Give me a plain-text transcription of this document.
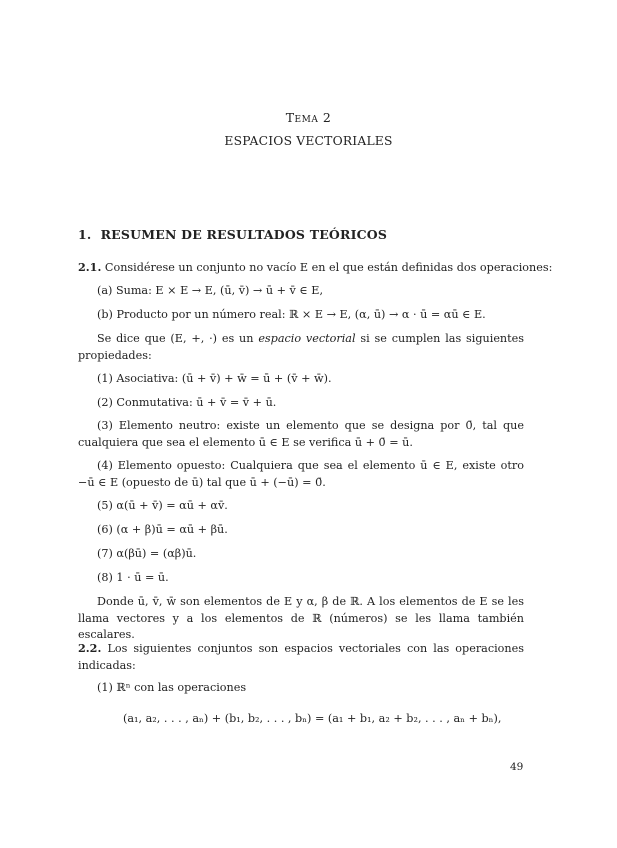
Tema 2
ESPACIOS VECTORIALES
1. RESUMEN DE RESULTADOS TEÓRICOS
2.1. Considérese un conjunto no vacío E en el que están definidas dos operaciones:
(a) Suma: E × E → E, (ū, v̄) → ū + v̄ ∈ E,
(b) Producto por un número real: ℝ × E → E, (α, ū) → α · ū = αū ∈ E.
Se dice que (E, +, ·) es un espacio vectorial si se cumplen las siguientes propiedades:
(1) Asociativa: (ū + v̄) + w̄ = ū + (v̄ + w̄).
(2) Conmutativa: ū + v̄ = v̄ + ū.
(3) Elemento neutro: existe un elemento que se designa por 0̄, tal que cualquiera que sea el elemento ū ∈ E se verifica ū + 0̄ = ū.
(4) Elemento opuesto: Cualquiera que sea el elemento ū ∈ E, existe otro −ū ∈ E (opuesto de ū) tal que ū + (−ū) = 0̄.
(5) α(ū + v̄) = αū + αv̄.
(6) (α + β)ū = αū + βū.
(7) α(βū) = (αβ)ū.
(8) 1 · ū = ū.
Donde ū, v̄, w̄ son elementos de E y α, β de ℝ. A los elementos de E se les llama vectores y a los elementos de ℝ (números) se les llama también escalares.
2.2. Los siguientes conjuntos son espacios vectoriales con las operaciones indicadas:
(1) ℝⁿ con las operaciones
(a₁, a₂, . . . , aₙ) + (b₁, b₂, . . . , bₙ) = (a₁ + b₁, a₂ + b₂, . . . , aₙ + bₙ),
49
